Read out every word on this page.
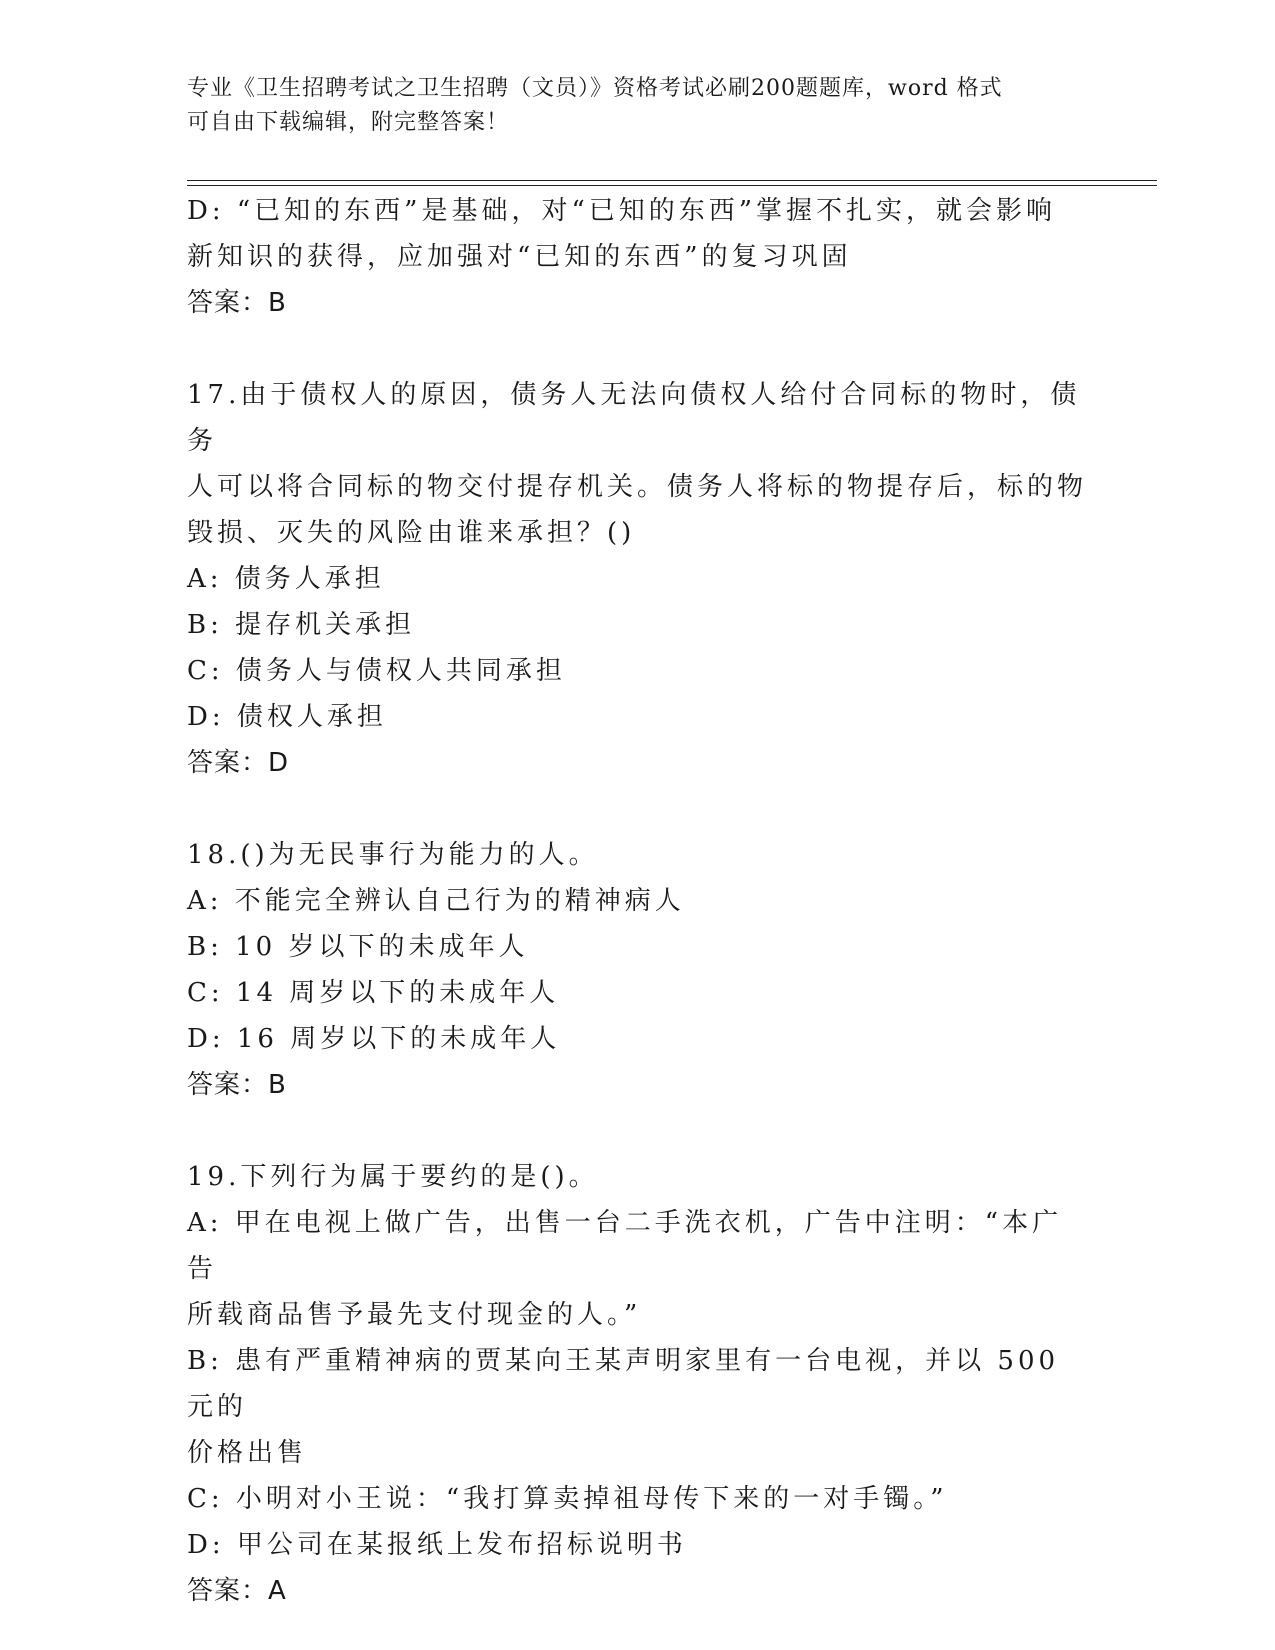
专业《卫生招聘考试之卫生招聘（文员）》资格考试必刷200题题库，word 格式
可自由下载编辑，附完整答案！

D: “已知的东西”是基础，对“已知的东西”掌握不扎实，就会影响

新知识的获得，应加强对“已知的东西”的复习巩固

答案：B

17.由于债权人的原因，债务人无法向债权人给付合同标的物时，债务

人可以将合同标的物交付提存机关。债务人将标的物提存后，标的物

毁损、灭失的风险由谁来承担？()

A: 债务人承担

B: 提存机关承担

C: 债务人与债权人共同承担

D: 债权人承担

答案：D

18.()为无民事行为能力的人。

A: 不能完全辨认自己行为的精神病人

B: 10 岁以下的未成年人

C: 14 周岁以下的未成年人

D: 16 周岁以下的未成年人

答案：B

19.下列行为属于要约的是()。

A: 甲在电视上做广告，出售一台二手洗衣机，广告中注明：“本广告

所载商品售予最先支付现金的人。”

B: 患有严重精神病的贾某向王某声明家里有一台电视，并以 500 元的

价格出售

C: 小明对小王说：“我打算卖掉祖母传下来的一对手镯。”

D: 甲公司在某报纸上发布招标说明书

答案：A
